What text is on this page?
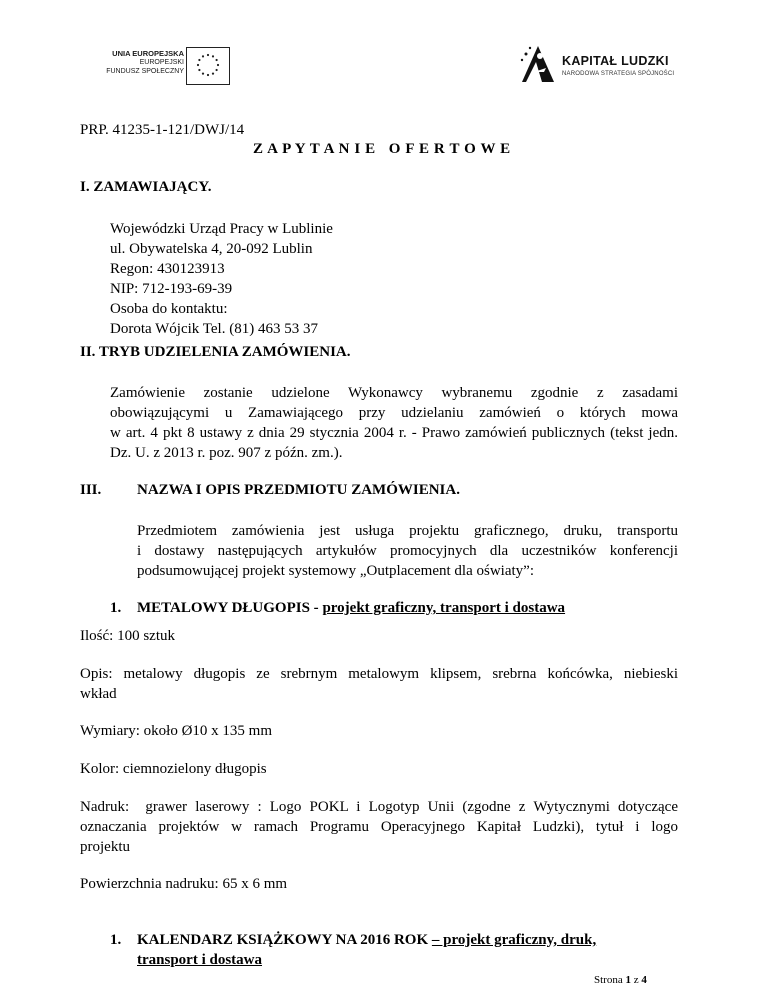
UNIA EUROPEJSKA
EUROPEJSKI
FUNDUSZ SPOŁECZNY
KAPITAŁ LUDZKI
NARODOWA STRATEGIA SPÓJNOŚCI
PRP. 41235-1-121/DWJ/14
Z A P Y T A N I E   O F E R T O W E
I. ZAMAWIAJĄCY.
Wojewódzki Urząd Pracy w Lublinie
ul. Obywatelska 4, 20-092 Lublin
Regon: 430123913
NIP: 712-193-69-39
Osoba do kontaktu:
Dorota Wójcik Tel. (81) 463 53 37
II. TRYB UDZIELENIA ZAMÓWIENIA.
Zamówienie zostanie udzielone Wykonawcy wybranemu zgodnie z zasadami
obowiązującymi u Zamawiającego przy udzielaniu zamówień o których mowa
w art. 4 pkt 8 ustawy z dnia 29 stycznia 2004 r. - Prawo zamówień publicznych (tekst jedn.
Dz. U. z 2013 r. poz. 907 z późn. zm.).
III. NAZWA I OPIS PRZEDMIOTU ZAMÓWIENIA.
Przedmiotem zamówienia jest usługa projektu graficznego, druku, transportu
i dostawy następujących artykułów promocyjnych dla uczestników konferencji
podsumowującej projekt systemowy „Outplacement dla oświaty”:
1. METALOWY DŁUGOPIS - projekt graficzny, transport i dostawa
Ilość: 100 sztuk
Opis: metalowy długopis ze srebrnym metalowym klipsem, srebrna końcówka, niebieski
wkład
Wymiary: około Ø10 x 135 mm
Kolor: ciemnozielony długopis
Nadruk:  grawer laserowy : Logo POKL i Logotyp Unii (zgodne z Wytycznymi dotyczące
oznaczania projektów w ramach Programu Operacyjnego Kapitał Ludzki), tytuł i logo
projektu
Powierzchnia nadruku: 65 x 6 mm
1. KALENDARZ KSIĄŻKOWY NA 2016 ROK – projekt graficzny, druk,
transport i dostawa
Strona 1 z 4
